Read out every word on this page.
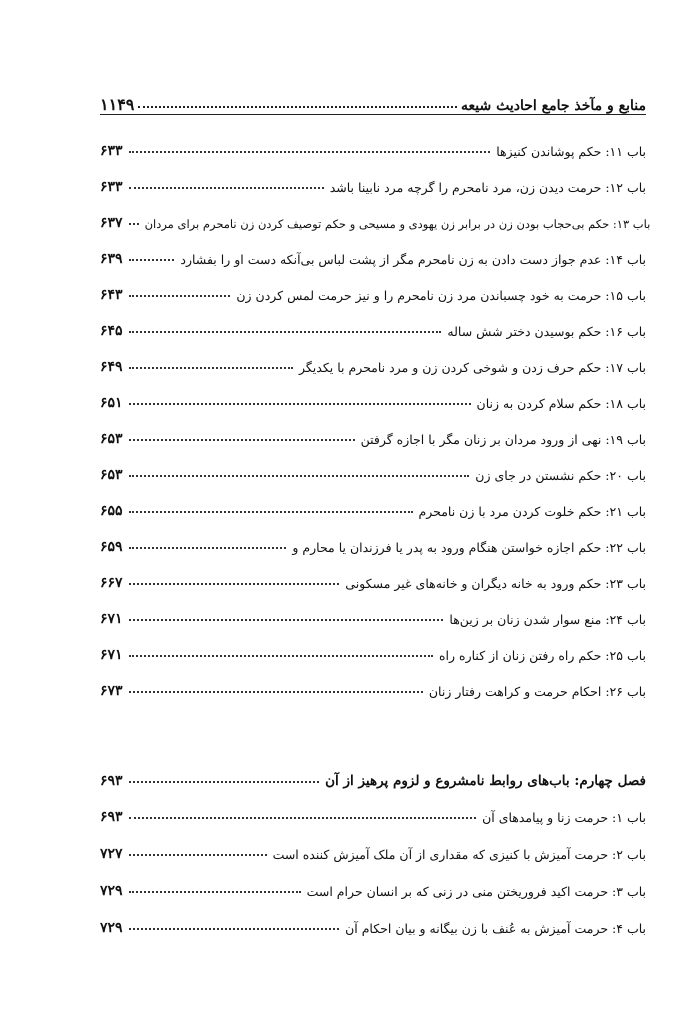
۱۱۴۹	منابع و مآخذ جامع احادیث شیعه
۶۳۳	باب ۱۱: حکم پوشاندن کنیزها
۶۳۳	باب ۱۲: حرمت دیدن زن، مرد نامحرم را گرچه مرد نابینا باشد
۶۳۷ باب ۱۳: حکم بی‌حجاب بودن زن در برابر زن یهودی و مسیحی و حکم توصیف کردن زن نامحرم برای مردان
۶۳۹	باب ۱۴: عدم جواز دست دادن به زن نامحرم مگر از پشت لباس بی‌آنکه دست او را بفشارد
۶۴۳	باب ۱۵: حرمت به خود چسباندن مرد زن نامحرم را و نیز حرمت لمس کردن زن
۶۴۵	باب ۱۶: حکم بوسیدن دختر شش ساله
۶۴۹	باب ۱۷: حکم حرف زدن و شوخی کردن زن و مرد نامحرم با یکدیگر
۶۵۱	باب ۱۸: حکم سلام کردن به زنان
۶۵۳	باب ۱۹: نهی از ورود مردان بر زنان مگر با اجازه گرفتن
۶۵۳	باب ۲۰: حکم نشستن در جای زن
۶۵۵	باب ۲۱: حکم خلوت کردن مرد با زن نامحرم
۶۵۹	باب ۲۲: حکم اجازه خواستن هنگام ورود به پدر یا فرزندان یا محارم و
۶۶۷	باب ۲۳: حکم ورود به خانه دیگران و خانه‌های غیر مسکونی
۶۷۱	باب ۲۴: منع سوار شدن زنان بر زین‌ها
۶۷۱	باب ۲۵: حکم راه رفتن زنان از کناره راه
۶۷۳	باب ۲۶: احکام حرمت و کراهت رفتار زنان
۶۹۳	فصل چهارم: باب‌های روابط نامشروع و لزوم پرهیز از آن
۶۹۳	باب ۱: حرمت زنا و پیامدهای آن
۷۲۷	باب ۲: حرمت آمیزش با کنیزی که مقداری از آن ملک آمیزش کننده است
۷۲۹	باب ۳: حرمت اکید فروریختن منی در زنی که بر انسان حرام است
۷۲۹	باب ۴: حرمت آمیزش به عُنف با زن بیگانه و بیان احکام آن
